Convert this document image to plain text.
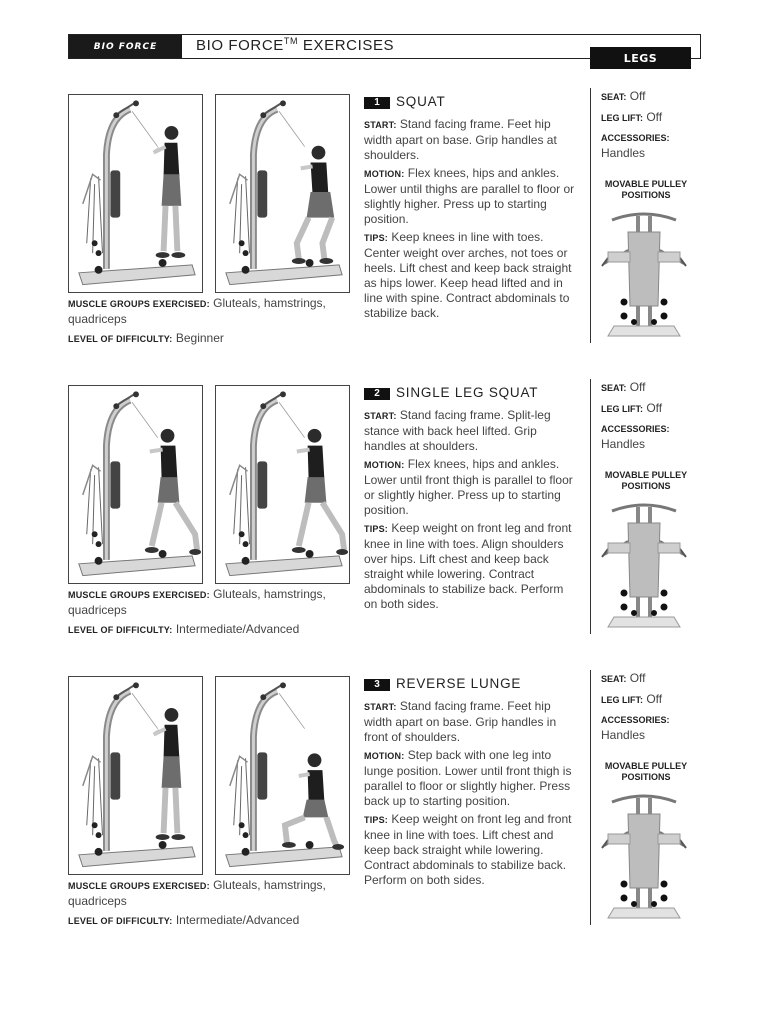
BIO FORCE	BIO FORCE™ EXERCISES
LEGS
MUSCLE GROUPS EXERCISED: Gluteals, hamstrings, quadriceps
LEVEL OF DIFFICULTY: Beginner
1 SQUAT

START: Stand facing frame. Feet hip width apart on base. Grip handles at shoulders.

MOTION: Flex knees, hips and ankles. Lower until thighs are parallel to floor or slightly higher. Press up to starting position.

TIPS: Keep knees in line with toes. Center weight over arches, not toes or heels. Lift chest and keep back straight as hips lower. Keep head lifted and in line with spine. Contract abdominals to stabilize back.

SEAT: Off
LEG LIFT: Off
ACCESSORIES:
Handles
MOVABLE PULLEY
POSITIONS
MUSCLE GROUPS EXERCISED: Gluteals, hamstrings, quadriceps
LEVEL OF DIFFICULTY: Intermediate/Advanced
2 SINGLE LEG SQUAT

START: Stand facing frame. Split-leg stance with back heel lifted. Grip handles at shoulders.

MOTION: Flex knees, hips and ankles. Lower until front thigh is parallel to floor or slightly higher. Press up to starting position.

TIPS: Keep weight on front leg and front knee in line with toes. Align shoulders over hips. Lift chest and keep back straight while lowering. Contract abdominals to stabilize back. Perform on both sides.

SEAT: Off
LEG LIFT: Off
ACCESSORIES:
Handles
MOVABLE PULLEY
POSITIONS
MUSCLE GROUPS EXERCISED: Gluteals, hamstrings, quadriceps
LEVEL OF DIFFICULTY: Intermediate/Advanced
3 REVERSE LUNGE

START: Stand facing frame. Feet hip width apart on base. Grip handles in front of shoulders.

MOTION: Step back with one leg into lunge position. Lower until front thigh is parallel to floor or slightly higher. Press back up to starting position.

TIPS: Keep weight on front leg and front knee in line with toes. Lift chest and keep back straight while lowering. Contract abdominals to stabilize back. Perform on both sides.

SEAT: Off
LEG LIFT: Off
ACCESSORIES:
Handles
MOVABLE PULLEY
POSITIONS
